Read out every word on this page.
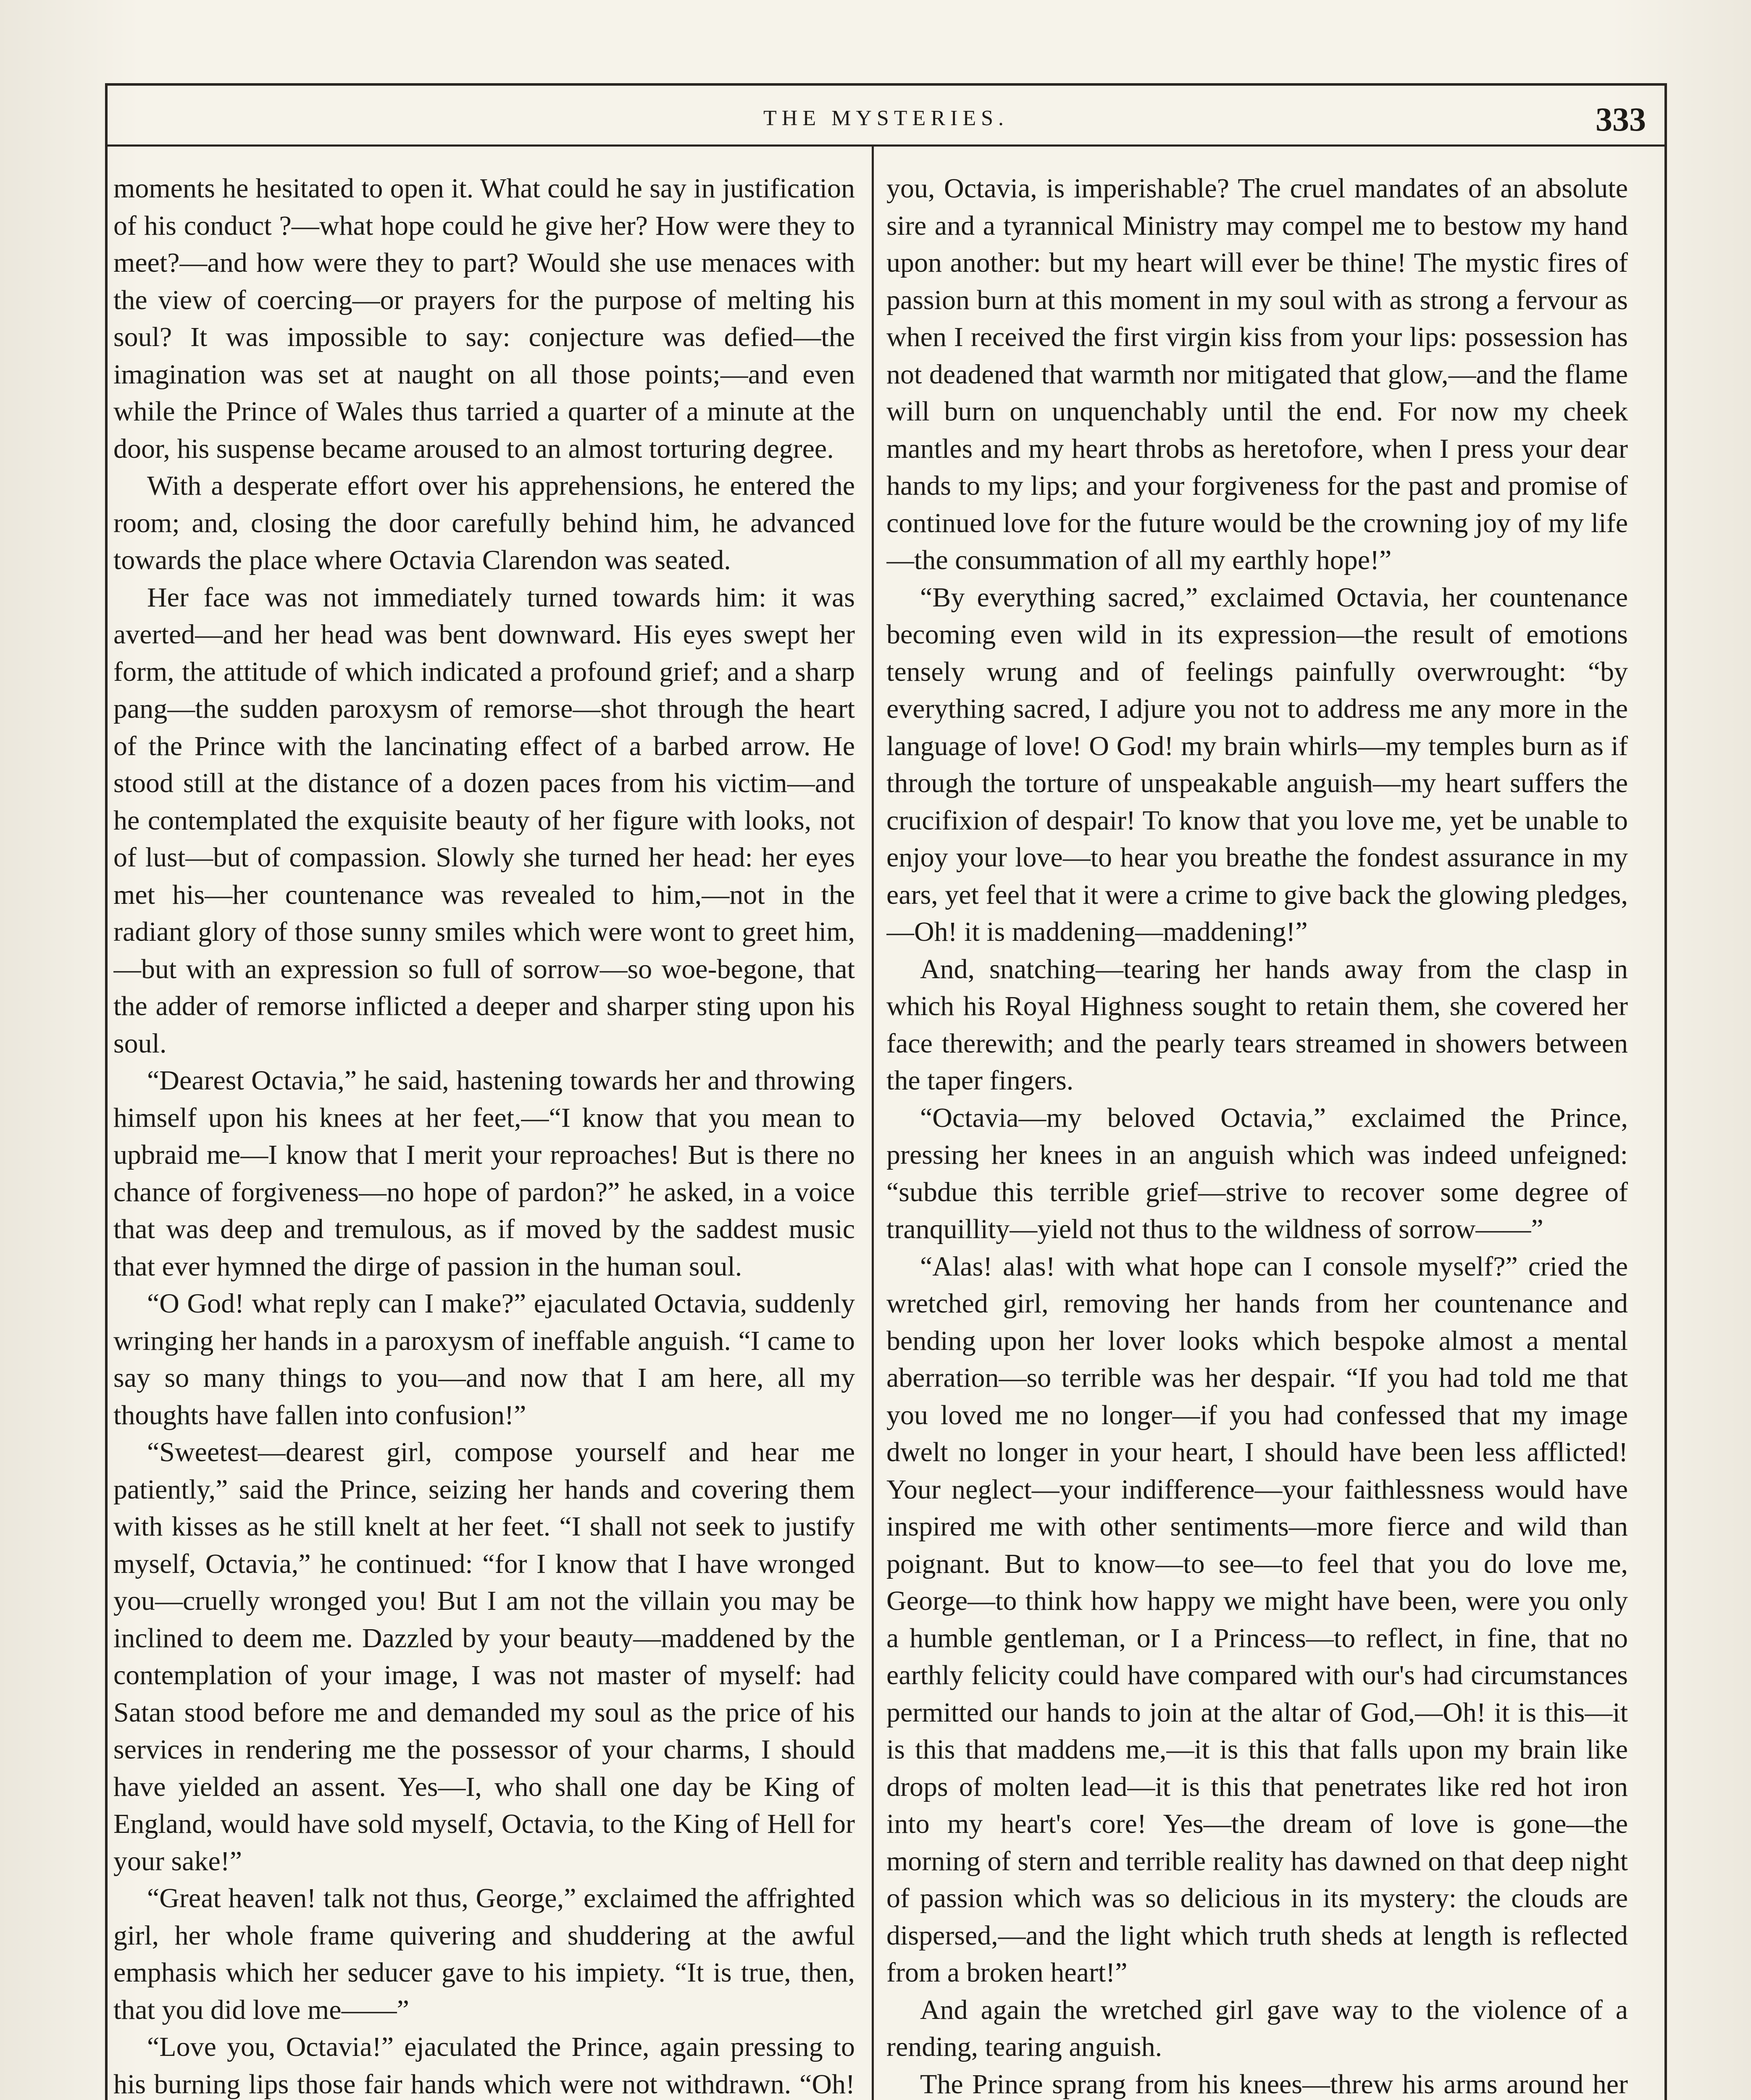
THE MYSTERIES.	333

moments he hesitated to open it. What could he say in justification of his conduct ?—what hope could he give her? How were they to meet?—and how were they to part? Would she use menaces with the view of coercing—or prayers for the purpose of melting his soul? It was impossible to say: conjecture was defied—the imagination was set at naught on all those points;—and even while the Prince of Wales thus tarried a quarter of a minute at the door, his suspense became aroused to an almost torturing degree.

With a desperate effort over his apprehensions, he entered the room; and, closing the door carefully behind him, he advanced towards the place where Octavia Clarendon was seated.

Her face was not immediately turned towards him: it was averted—and her head was bent downward. His eyes swept her form, the attitude of which indicated a profound grief; and a sharp pang—the sudden paroxysm of remorse—shot through the heart of the Prince with the lancinating effect of a barbed arrow. He stood still at the distance of a dozen paces from his victim—and he contemplated the exquisite beauty of her figure with looks, not of lust—but of compassion. Slowly she turned her head: her eyes met his—her countenance was revealed to him,—not in the radiant glory of those sunny smiles which were wont to greet him,—but with an expression so full of sorrow—so woe-begone, that the adder of remorse inflicted a deeper and sharper sting upon his soul.

“Dearest Octavia,” he said, hastening towards her and throwing himself upon his knees at her feet,—“I know that you mean to upbraid me—I know that I merit your reproaches! But is there no chance of forgiveness—no hope of pardon?” he asked, in a voice that was deep and tremulous, as if moved by the saddest music that ever hymned the dirge of passion in the human soul.

“O God! what reply can I make?” ejaculated Octavia, suddenly wringing her hands in a paroxysm of ineffable anguish. “I came to say so many things to you—and now that I am here, all my thoughts have fallen into confusion!”

“Sweetest—dearest girl, compose yourself and hear me patiently,” said the Prince, seizing her hands and covering them with kisses as he still knelt at her feet. “I shall not seek to justify myself, Octavia,” he continued: “for I know that I have wronged you—cruelly wronged you! But I am not the villain you may be inclined to deem me. Dazzled by your beauty—maddened by the contemplation of your image, I was not master of myself: had Satan stood before me and demanded my soul as the price of his services in rendering me the possessor of your charms, I should have yielded an assent. Yes—I, who shall one day be King of England, would have sold myself, Octavia, to the King of Hell for your sake!”

“Great heaven! talk not thus, George,” exclaimed the affrighted girl, her whole frame quivering and shuddering at the awful emphasis which her seducer gave to his impiety. “It is true, then, that you did love me——”

“Love you, Octavia!” ejaculated the Prince, again pressing to his burning lips those fair hands which were not withdrawn. “Oh!

you, Octavia, is imperishable? The cruel mandates of an absolute sire and a tyrannical Ministry may compel me to bestow my hand upon another: but my heart will ever be thine! The mystic fires of passion burn at this moment in my soul with as strong a fervour as when I received the first virgin kiss from your lips: possession has not deadened that warmth nor mitigated that glow,—and the flame will burn on unquenchably until the end. For now my cheek mantles and my heart throbs as heretofore, when I press your dear hands to my lips; and your forgiveness for the past and promise of continued love for the future would be the crowning joy of my life—the consummation of all my earthly hope!”

“By everything sacred,” exclaimed Octavia, her countenance becoming even wild in its expression—the result of emotions tensely wrung and of feelings painfully overwrought: “by everything sacred, I adjure you not to address me any more in the language of love! O God! my brain whirls—my temples burn as if through the torture of unspeakable anguish—my heart suffers the crucifixion of despair! To know that you love me, yet be unable to enjoy your love—to hear you breathe the fondest assurance in my ears, yet feel that it were a crime to give back the glowing pledges,—Oh! it is maddening—maddening!”

And, snatching—tearing her hands away from the clasp in which his Royal Highness sought to retain them, she covered her face therewith; and the pearly tears streamed in showers between the taper fingers.

“Octavia—my beloved Octavia,” exclaimed the Prince, pressing her knees in an anguish which was indeed unfeigned: “subdue this terrible grief—strive to recover some degree of tranquillity—yield not thus to the wildness of sorrow——”

“Alas! alas! with what hope can I console myself?” cried the wretched girl, removing her hands from her countenance and bending upon her lover looks which bespoke almost a mental aberration—so terrible was her despair. “If you had told me that you loved me no longer—if you had confessed that my image dwelt no longer in your heart, I should have been less afflicted! Your neglect—your indifference—your faithlessness would have inspired me with other sentiments—more fierce and wild than poignant. But to know—to see—to feel that you do love me, George—to think how happy we might have been, were you only a humble gentleman, or I a Princess—to reflect, in fine, that no earthly felicity could have compared with our's had circumstances permitted our hands to join at the altar of God,—Oh! it is this—it is this that maddens me,—it is this that falls upon my brain like drops of molten lead—it is this that penetrates like red hot iron into my heart's core! Yes—the dream of love is gone—the morning of stern and terrible reality has dawned on that deep night of passion which was so delicious in its mystery: the clouds are dispersed,—and the light which truth sheds at length is reflected from a broken heart!”

And again the wretched girl gave way to the violence of a rending, tearing anguish.

The Prince sprang from his knees—threw his arms around her
